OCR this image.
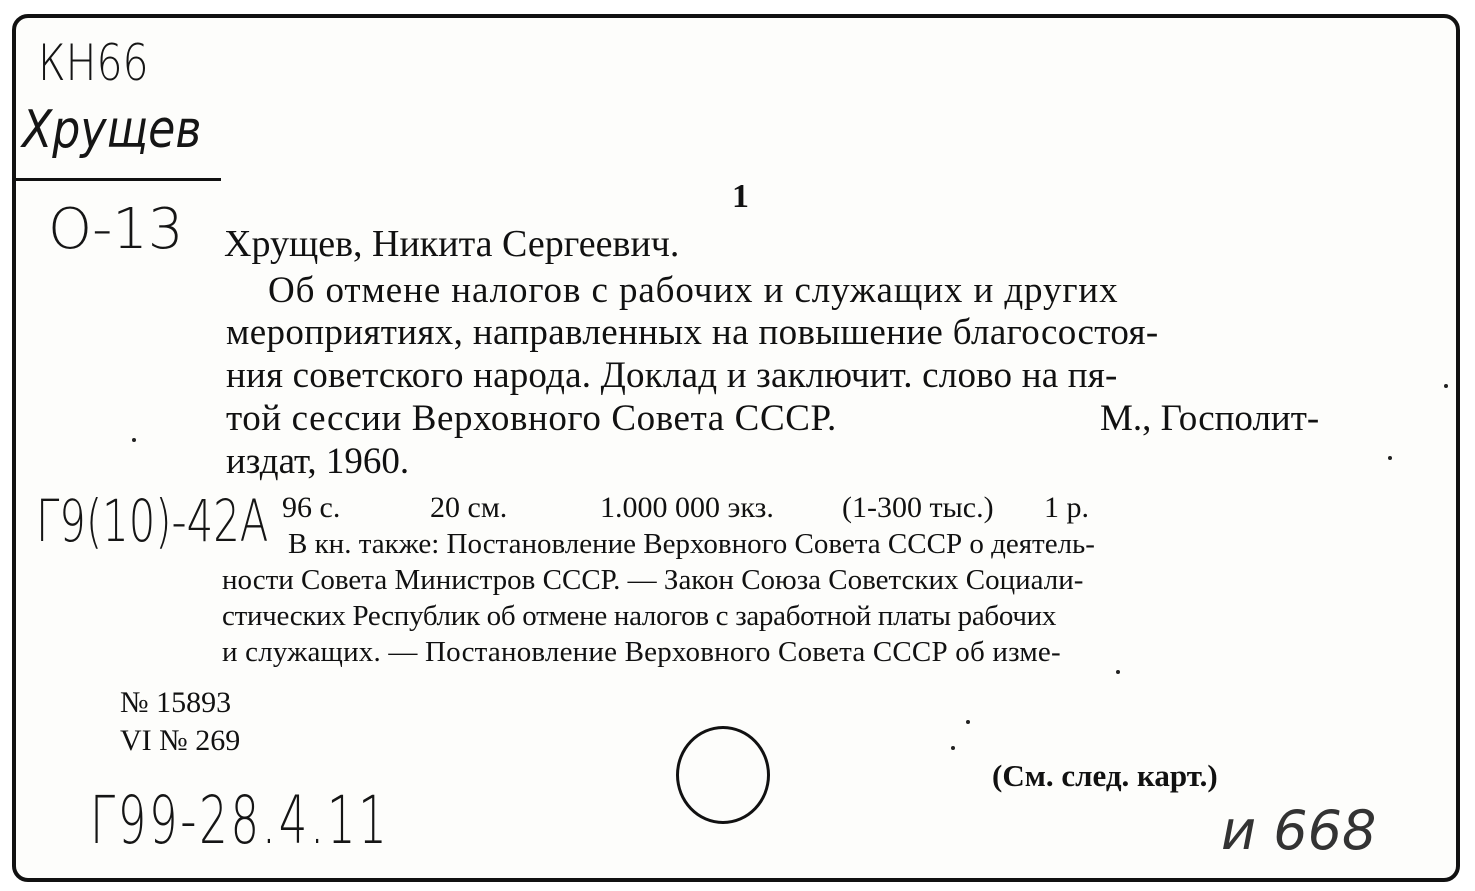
КН66
Хрущев
О-13
Г9(10)-42А
Г99-28.4.11	и 668
1
Хрущев, Никита Сергеевич.
Об отмене налогов с рабочих и служащих и других
мероприятиях, направленных на повышение благосостоя-
ния советского народа. Доклад и заключит. слово на пя-
той сессии Верховного Совета СССР.	М., Госполит-
издат, 1960.
96 с.	20 см.	1.000 000 экз. (1-300 тыс.) 1 р.
В кн. также: Постановление Верховного Совета СССР о деятель-
ности Совета Министров СССР. — Закон Союза Советских Социали-
стических Республик об отмене налогов с заработной платы рабочих
и служащих. — Постановление Верховного Совета СССР об изме-
№ 15893
VI № 269
(См. след. карт.)
